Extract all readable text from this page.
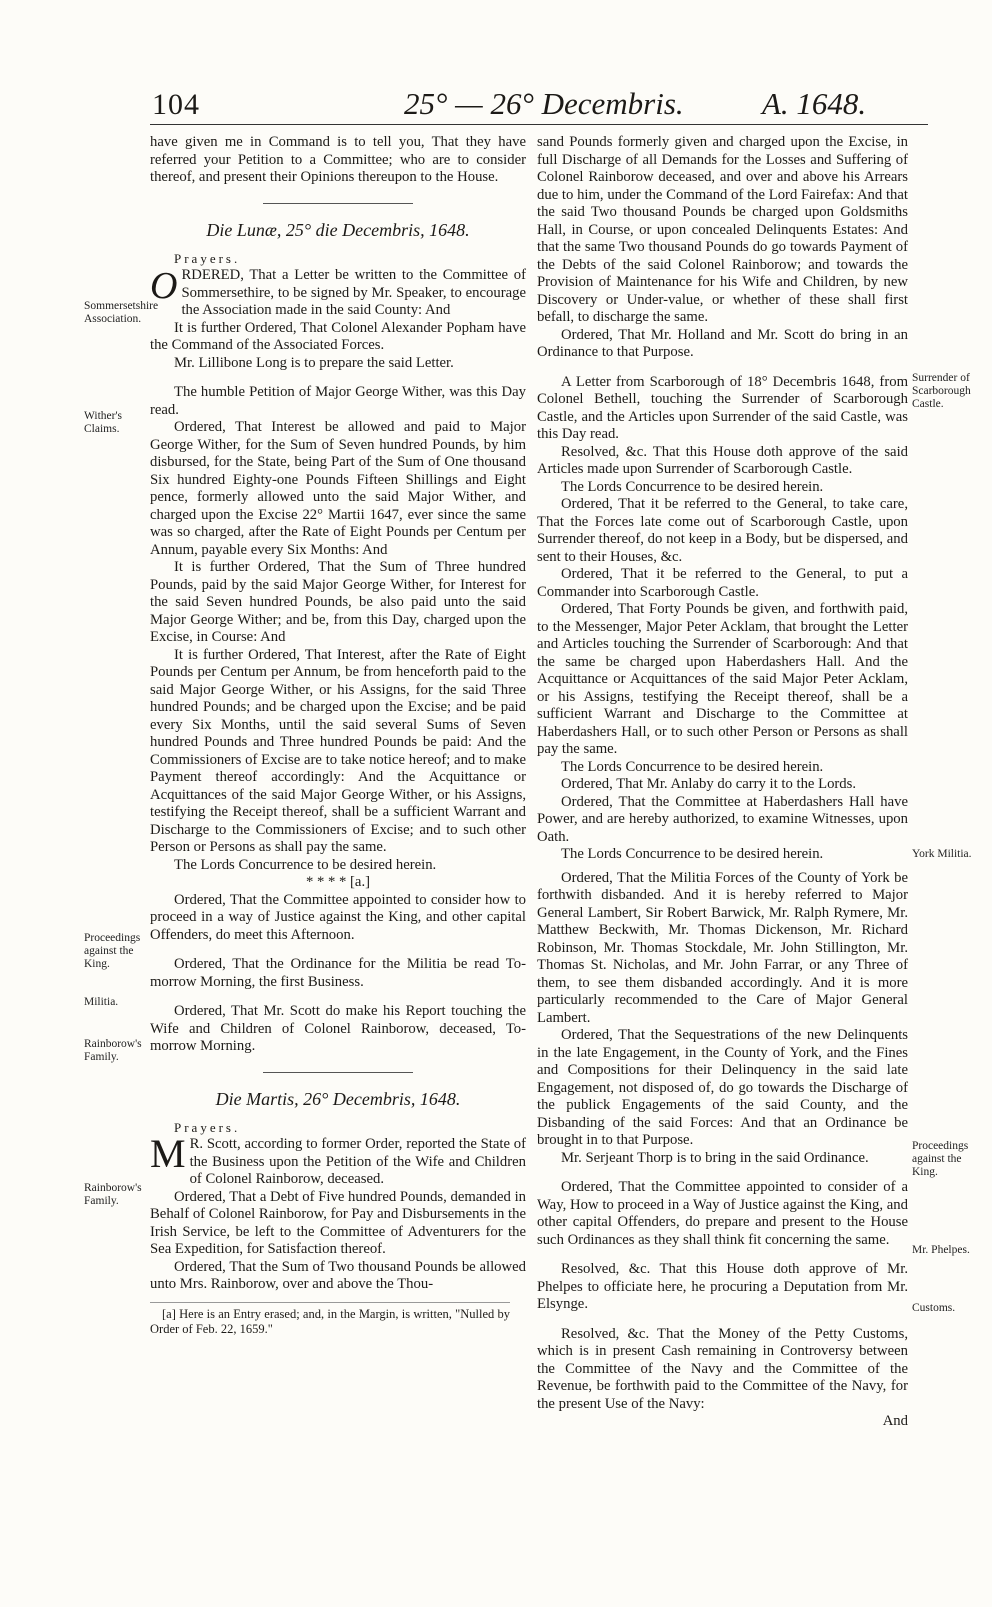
104	25° — 26° Decembris.	A. 1648.
Sommersetshire Association.
Wither's Claims.
Proceedings against the King.
Militia.
Rainborow's Family.
Rainborow's Family.
Surrender of Scarborough Castle.
York Militia.
Proceedings against the King.
Mr. Phelpes.
Customs.

have given me in Command is to tell you, That they have referred your Petition to a Committee; who are to consider thereof, and present their Opinions thereupon to the House.

Die Lunæ, 25° die Decembris, 1648.

Prayers.

ORDERED, That a Letter be written to the Committee of Sommersethire, to be signed by Mr. Speaker, to encourage the Association made in the said County: And

It is further Ordered, That Colonel Alexander Popham have the Command of the Associated Forces.

Mr. Lillibone Long is to prepare the said Letter.

The humble Petition of Major George Wither, was this Day read.

Ordered, That Interest be allowed and paid to Major George Wither, for the Sum of Seven hundred Pounds, by him disbursed, for the State, being Part of the Sum of One thousand Six hundred Eighty-one Pounds Fifteen Shillings and Eight pence, formerly allowed unto the said Major Wither, and charged upon the Excise 22° Martii 1647, ever since the same was so charged, after the Rate of Eight Pounds per Centum per Annum, payable every Six Months: And

It is further Ordered, That the Sum of Three hundred Pounds, paid by the said Major George Wither, for Interest for the said Seven hundred Pounds, be also paid unto the said Major George Wither; and be, from this Day, charged upon the Excise, in Course: And

It is further Ordered, That Interest, after the Rate of Eight Pounds per Centum per Annum, be from henceforth paid to the said Major George Wither, or his Assigns, for the said Three hundred Pounds; and be charged upon the Excise; and be paid every Six Months, until the said several Sums of Seven hundred Pounds and Three hundred Pounds be paid: And the Commissioners of Excise are to take notice hereof; and to make Payment thereof accordingly: And the Acquittance or Acquittances of the said Major George Wither, or his Assigns, testifying the Receipt thereof, shall be a sufficient Warrant and Discharge to the Commissioners of Excise; and to such other Person or Persons as shall pay the same.

The Lords Concurrence to be desired herein.

* * * * [a.]

Ordered, That the Committee appointed to consider how to proceed in a way of Justice against the King, and other capital Offenders, do meet this Afternoon.

Ordered, That the Ordinance for the Militia be read To-morrow Morning, the first Business.

Ordered, That Mr. Scott do make his Report touching the Wife and Children of Colonel Rainborow, deceased, To-morrow Morning.

Die Martis, 26° Decembris, 1648.

Prayers.

M R. Scott, according to former Order, reported the State of the Business upon the Petition of the Wife and Children of Colonel Rainborow, deceased.

Ordered, That a Debt of Five hundred Pounds, demanded in Behalf of Colonel Rainborow, for Pay and Disbursements in the Irish Service, be left to the Committee of Adventurers for the Sea Expedition, for Satisfaction thereof.

Ordered, That the Sum of Two thousand Pounds be allowed unto Mrs. Rainborow, over and above the Thou-

[a] Here is an Entry erased; and, in the Margin, is written, "Nulled by Order of Feb. 22, 1659."

sand Pounds formerly given and charged upon the Excise, in full Discharge of all Demands for the Losses and Suffering of Colonel Rainborow deceased, and over and above his Arrears due to him, under the Command of the Lord Fairefax: And that the said Two thousand Pounds be charged upon Goldsmiths Hall, in Course, or upon concealed Delinquents Estates: And that the same Two thousand Pounds do go towards Payment of the Debts of the said Colonel Rainborow; and towards the Provision of Maintenance for his Wife and Children, by new Discovery or Under-value, or whether of these shall first befall, to discharge the same.

Ordered, That Mr. Holland and Mr. Scott do bring in an Ordinance to that Purpose.

A Letter from Scarborough of 18° Decembris 1648, from Colonel Bethell, touching the Surrender of Scarborough Castle, and the Articles upon Surrender of the said Castle, was this Day read.

Resolved, &c. That this House doth approve of the said Articles made upon Surrender of Scarborough Castle.

The Lords Concurrence to be desired herein.

Ordered, That it be referred to the General, to take care, That the Forces late come out of Scarborough Castle, upon Surrender thereof, do not keep in a Body, but be dispersed, and sent to their Houses, &c.

Ordered, That it be referred to the General, to put a Commander into Scarborough Castle.

Ordered, That Forty Pounds be given, and forthwith paid, to the Messenger, Major Peter Acklam, that brought the Letter and Articles touching the Surrender of Scarborough: And that the same be charged upon Haberdashers Hall. And the Acquittance or Acquittances of the said Major Peter Acklam, or his Assigns, testifying the Receipt thereof, shall be a sufficient Warrant and Discharge to the Committee at Haberdashers Hall, or to such other Person or Persons as shall pay the same.

The Lords Concurrence to be desired herein.

Ordered, That Mr. Anlaby do carry it to the Lords.

Ordered, That the Committee at Haberdashers Hall have Power, and are hereby authorized, to examine Witnesses, upon Oath.

The Lords Concurrence to be desired herein.

Ordered, That the Militia Forces of the County of York be forthwith disbanded. And it is hereby referred to Major General Lambert, Sir Robert Barwick, Mr. Ralph Rymere, Mr. Matthew Beckwith, Mr. Thomas Dickenson, Mr. Richard Robinson, Mr. Thomas Stockdale, Mr. John Stillington, Mr. Thomas St. Nicholas, and Mr. John Farrar, or any Three of them, to see them disbanded accordingly. And it is more particularly recommended to the Care of Major General Lambert.

Ordered, That the Sequestrations of the new Delinquents in the late Engagement, in the County of York, and the Fines and Compositions for their Delinquency in the said late Engagement, not disposed of, do go towards the Discharge of the publick Engagements of the said County, and the Disbanding of the said Forces: And that an Ordinance be brought in to that Purpose.

Mr. Serjeant Thorp is to bring in the said Ordinance.

Ordered, That the Committee appointed to consider of a Way, How to proceed in a Way of Justice against the King, and other capital Offenders, do prepare and present to the House such Ordinances as they shall think fit concerning the same.

Resolved, &c. That this House doth approve of Mr. Phelpes to officiate here, he procuring a Deputation from Mr. Elsynge.

Resolved, &c. That the Money of the Petty Customs, which is in present Cash remaining in Controversy between the Committee of the Navy and the Committee of the Revenue, be forthwith paid to the Committee of the Navy, for the present Use of the Navy:

And
